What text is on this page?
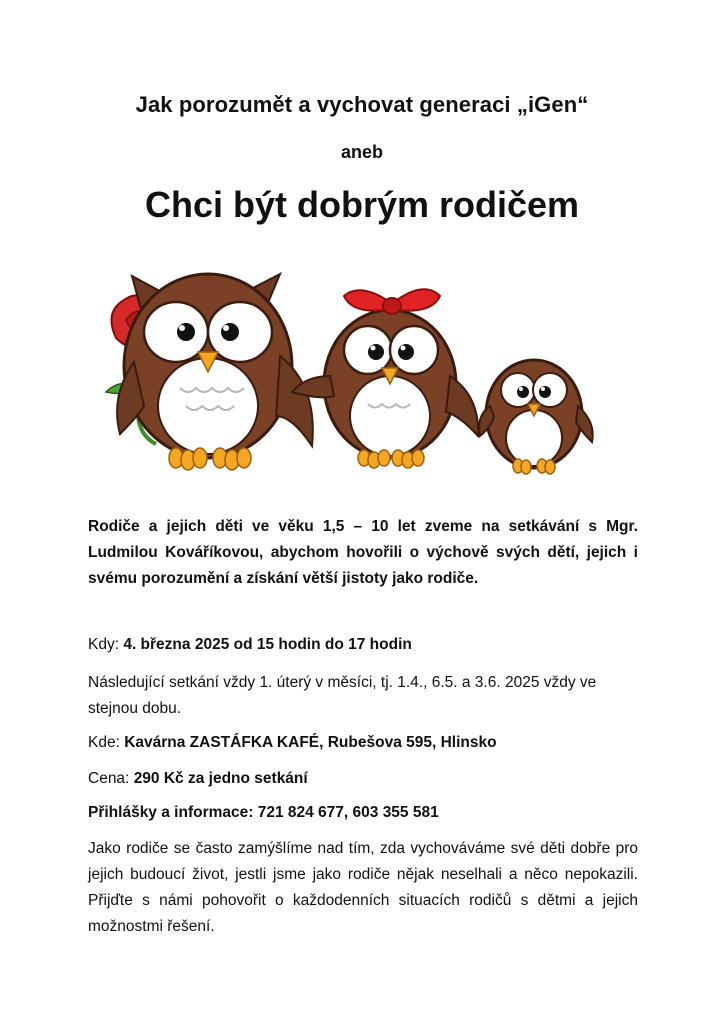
Jak porozumět a vychovat generaci „iGen“
aneb
Chci být dobrým rodičem
Rodiče a jejich děti ve věku 1,5 – 10 let zveme na setkávání s Mgr. Ludmilou Kováříkovou, abychom hovořili o výchově svých dětí, jejich i svému porozumění a získání větší jistoty jako rodiče.
Kdy: 4. března 2025 od 15 hodin do 17 hodin
Následující setkání vždy 1. úterý v měsíci, tj. 1.4., 6.5. a 3.6. 2025 vždy ve stejnou dobu.
Kde: Kavárna ZASTÁFKA KAFÉ, Rubešova 595, Hlinsko
Cena: 290 Kč za jedno setkání
Přihlášky a informace: 721 824 677, 603 355 581
Jako rodiče se často zamýšlíme nad tím, zda vychováváme své děti dobře pro jejich budoucí život, jestli jsme jako rodiče nějak neselhali a něco nepokazili. Přijďte s námi pohovořit o každodenních situacích rodičů s dětmi a jejich možnostmi řešení.
